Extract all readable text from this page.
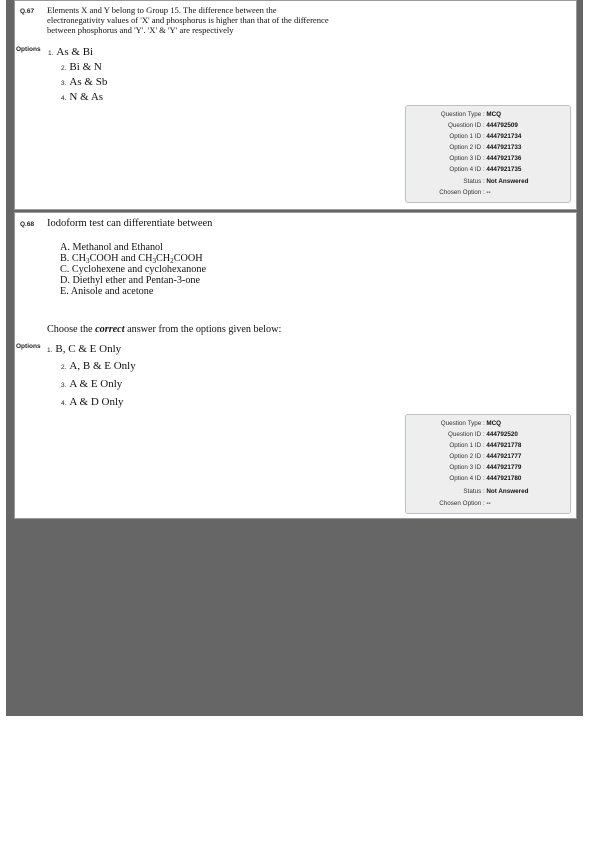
Q.67 Elements X and Y belong to Group 15. The difference between the
electronegativity values of 'X' and phosphorus is higher than that of the difference
between phosphorus and 'Y'. 'X' & 'Y' are respectively
Options
1. As & Bi
2. Bi & N
3. As & Sb
4. N & As
Question Type : MCQ
Question ID : 444792509
Option 1 ID : 4447921734
Option 2 ID : 4447921733
Option 3 ID : 4447921736
Option 4 ID : 4447921735
Status : Not Answered
Chosen Option : --
Q.68 Iodoform test can differentiate between
A. Methanol and Ethanol
B. $CH_3COOH$ and $CH_3CH_2COOH$
C. Cyclohexene and cyclohexanone
D. Diethyl ether and Pentan-3-one
E. Anisole and acetone
Choose the correct answer from the options given below:
Options
1. B, C & E Only
2. A, B & E Only
3. A & E Only
4. A & D Only
Question Type : MCQ
Question ID : 444792520
Option 1 ID : 4447921778
Option 2 ID : 4447921777
Option 3 ID : 4447921779
Option 4 ID : 4447921780
Status : Not Answered
Chosen Option : --
